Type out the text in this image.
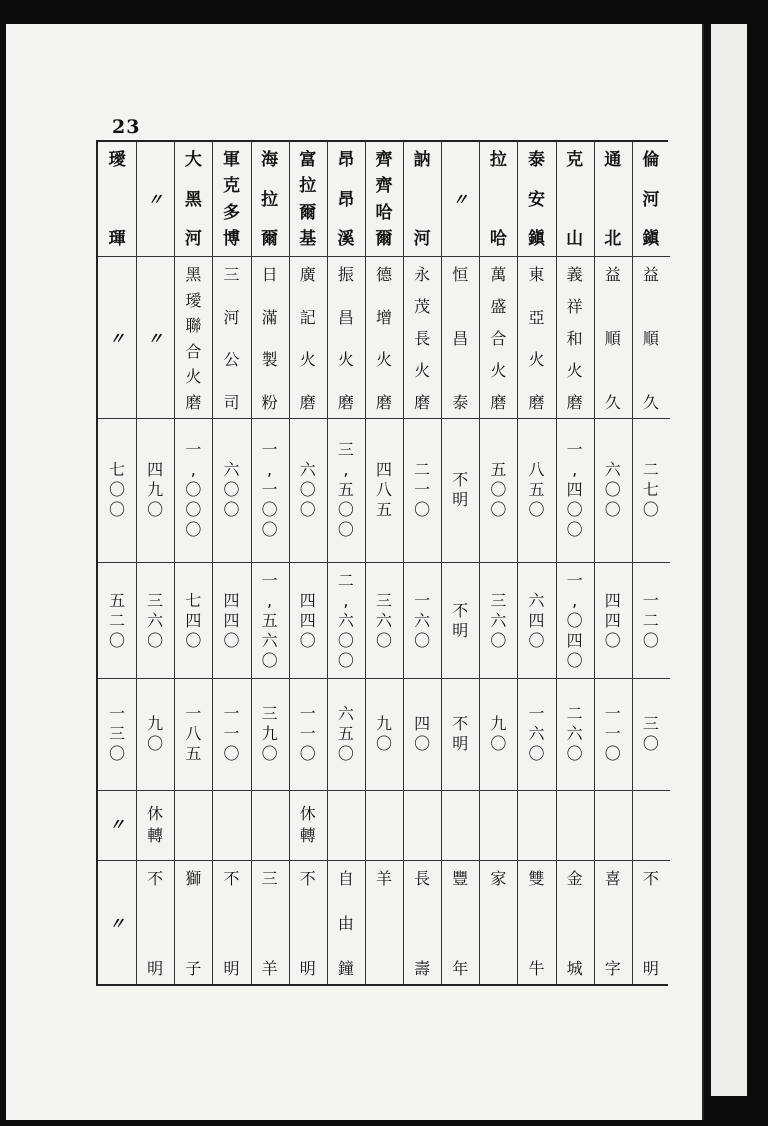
23
倫
河
鎭
益
順
久
二
七
〇
一
二
〇
三
〇
不
明
通
北
益
順
久
六
〇
〇
四
四
〇
一
一
〇
喜
字
克
山
義
祥
和
火
磨
一
,
四
〇
〇
一
,
〇
四
〇
二
六
〇
金
城
泰
安
鎭
東
亞
火
磨
八
五
〇
六
四
〇
一
六
〇
雙
牛
拉
哈
萬
盛
合
火
磨
五
〇
〇
三
六
〇
九
〇
家
〃
恒
昌
泰
不
明
不
明
不
明
豐
年
訥
河
永
茂
長
火
磨
二
一
〇
一
六
〇
四
〇
長
壽
齊
齊
哈
爾
德
增
火
磨
四
八
五
三
六
〇
九
〇
羊
昂
昂
溪
振
昌
火
磨
三
,
五
〇
〇
二
,
六
〇
〇
六
五
〇
自
由
鐘
富
拉
爾
基
廣
記
火
磨
六
〇
〇
四
四
〇
一
一
〇
休
轉
不
明
海
拉
爾
日
滿
製
粉
一
,
一
〇
〇
一
,
五
六
〇
三
九
〇
三
羊
軍
克
多
博
三
河
公
司
六
〇
〇
四
四
〇
一
一
〇
不
明
大
黑
河
黑
璦
聯
合
火
磨
一
,
〇
〇
〇
七
四
〇
一
八
五
獅
子
〃
〃
四
九
〇
三
六
〇
九
〇
休
轉
不
明
璦
琿
〃
七
〇
〇
五
二
〇
一
三
〇
〃
〃
